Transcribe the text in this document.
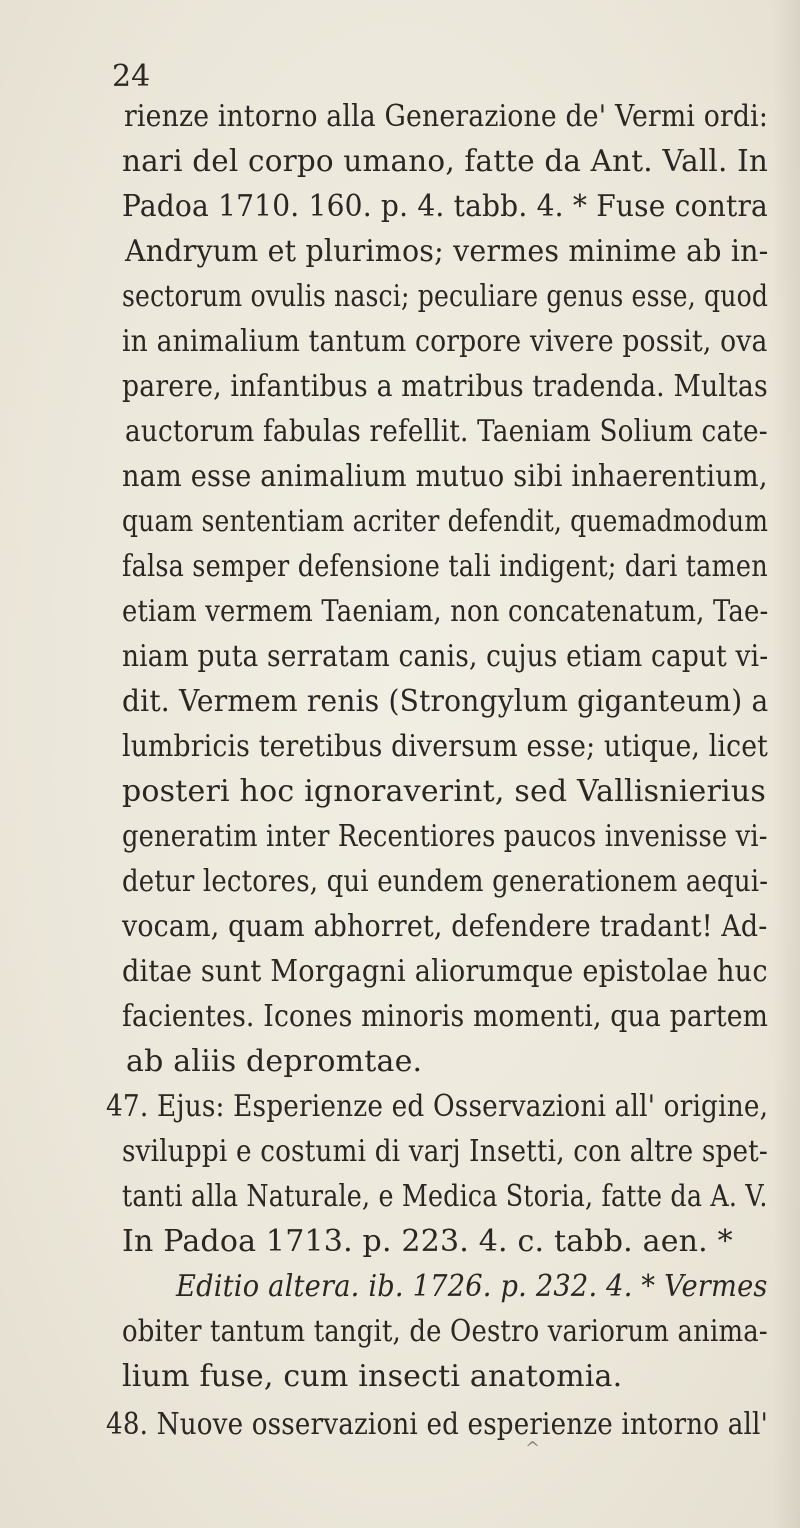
24
rienze intorno alla Generazione de' Vermi ordi:
nari del corpo umano, fatte da Ant. Vall. In
Padoa 1710. 160. p. 4. tabb. 4. * Fuse contra
Andryum et plurimos; vermes minime ab in-
sectorum ovulis nasci; peculiare genus esse, quod
in animalium tantum corpore vivere possit, ova
parere, infantibus a matribus tradenda. Multas
auctorum fabulas refellit. Taeniam Solium cate-
nam esse animalium mutuo sibi inhaerentium,
quam sententiam acriter defendit, quemadmodum
falsa semper defensione tali indigent; dari tamen
etiam vermem Taeniam, non concatenatum, Tae-
niam puta serratam canis, cujus etiam caput vi-
dit. Vermem renis (Strongylum giganteum) a
lumbricis teretibus diversum esse; utique, licet
posteri hoc ignoraverint, sed Vallisnierius
generatim inter Recentiores paucos invenisse vi-
detur lectores, qui eundem generationem aequi-
vocam, quam abhorret, defendere tradant! Ad-
ditae sunt Morgagni aliorumque epistolae huc
facientes. Icones minoris momenti, qua partem
ab aliis depromtae.
47. Ejus: Esperienze ed Osservazioni all' origine,
sviluppi e costumi di varj Insetti, con altre spet-
tanti alla Naturale, e Medica Storia, fatte da A. V.
In Padoa 1713. p. 223. 4. c. tabb. aen. *
Editio altera. ib. 1726. p. 232. 4. * Vermes
obiter tantum tangit, de Oestro variorum anima-
lium fuse, cum insecti anatomia.
48. Nuove osservazioni ed esperienze intorno all'
^
